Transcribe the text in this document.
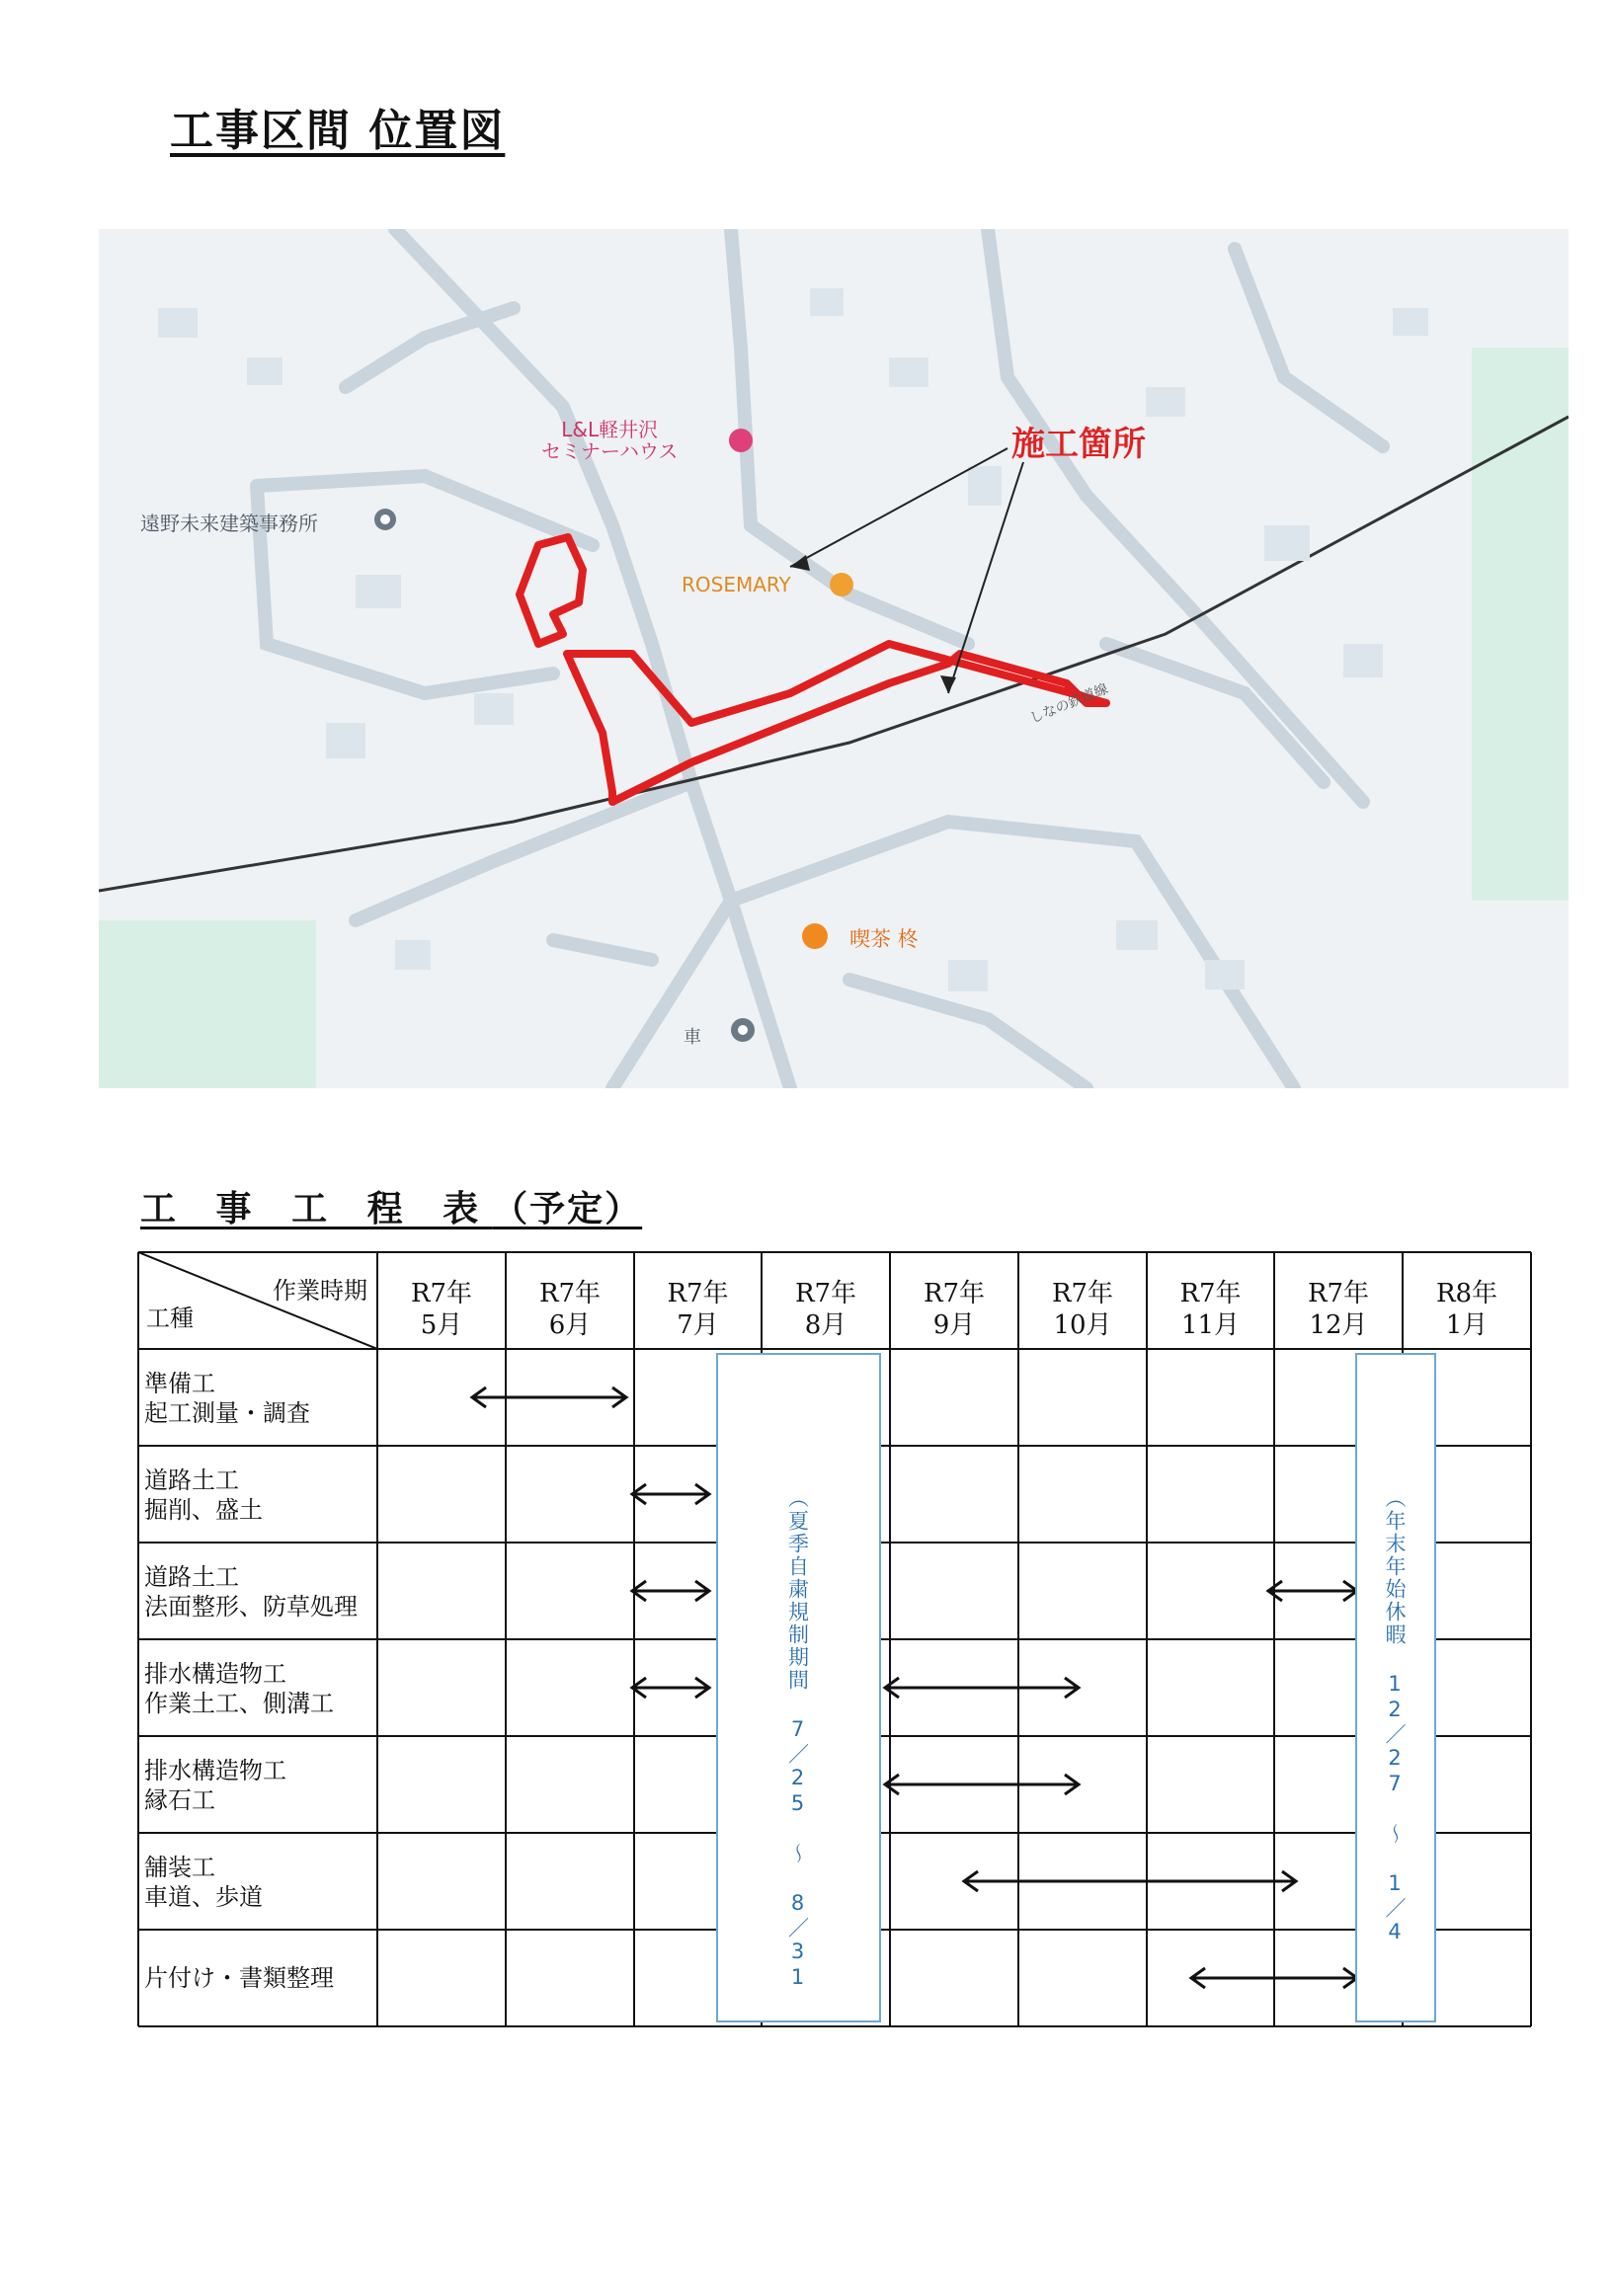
工事区間 位置図
遠野未来建築事務所
L&L軽井沢
セミナーハウス
ROSEMARY
喫茶 柊
車
しなの鉄道線
施工箇所
工 事 工 程 表（予定）
作業時期
工種
R7年
5月
R7年
6月
R7年
7月
R7年
8月
R7年
9月
R7年
10月
R7年
11月
R7年
12月
R8年
1月
準備工
起工測量・調査
道路土工
掘削、盛土
道路土工
法面整形、防草処理
排水構造物工
作業土工、側溝工
排水構造物工
縁石工
舗装工
車道、歩道
片付け・書類整理	（夏季自粛規制期間 7／25 〜 8／31	（年末年始休暇 12／27 〜 1／4
